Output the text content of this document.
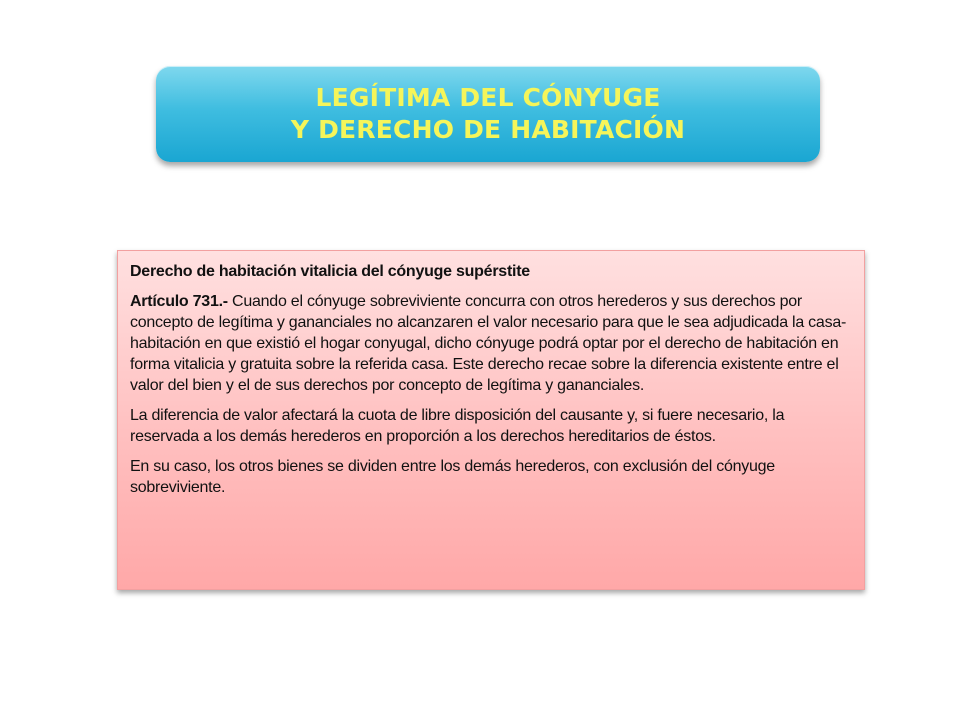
LEGÍTIMA DEL CÓNYUGE
Y DERECHO DE HABITACIÓN

Derecho de habitación vitalicia del cónyuge supérstite

Artículo 731.- Cuando el cónyuge sobreviviente concurra con otros herederos y sus derechos por concepto de legítima y gananciales no alcanzaren el valor necesario para que le sea adjudicada la casa-habitación en que existió el hogar conyugal, dicho cónyuge podrá optar por el derecho de habitación en forma vitalicia y gratuita sobre la referida casa. Este derecho recae sobre la diferencia existente entre el valor del bien y el de sus derechos por concepto de legítima y gananciales.

La diferencia de valor afectará la cuota de libre disposición del causante y, si fuere necesario, la reservada a los demás herederos en proporción a los derechos hereditarios de éstos.

En su caso, los otros bienes se dividen entre los demás herederos, con exclusión del cónyuge sobreviviente.
